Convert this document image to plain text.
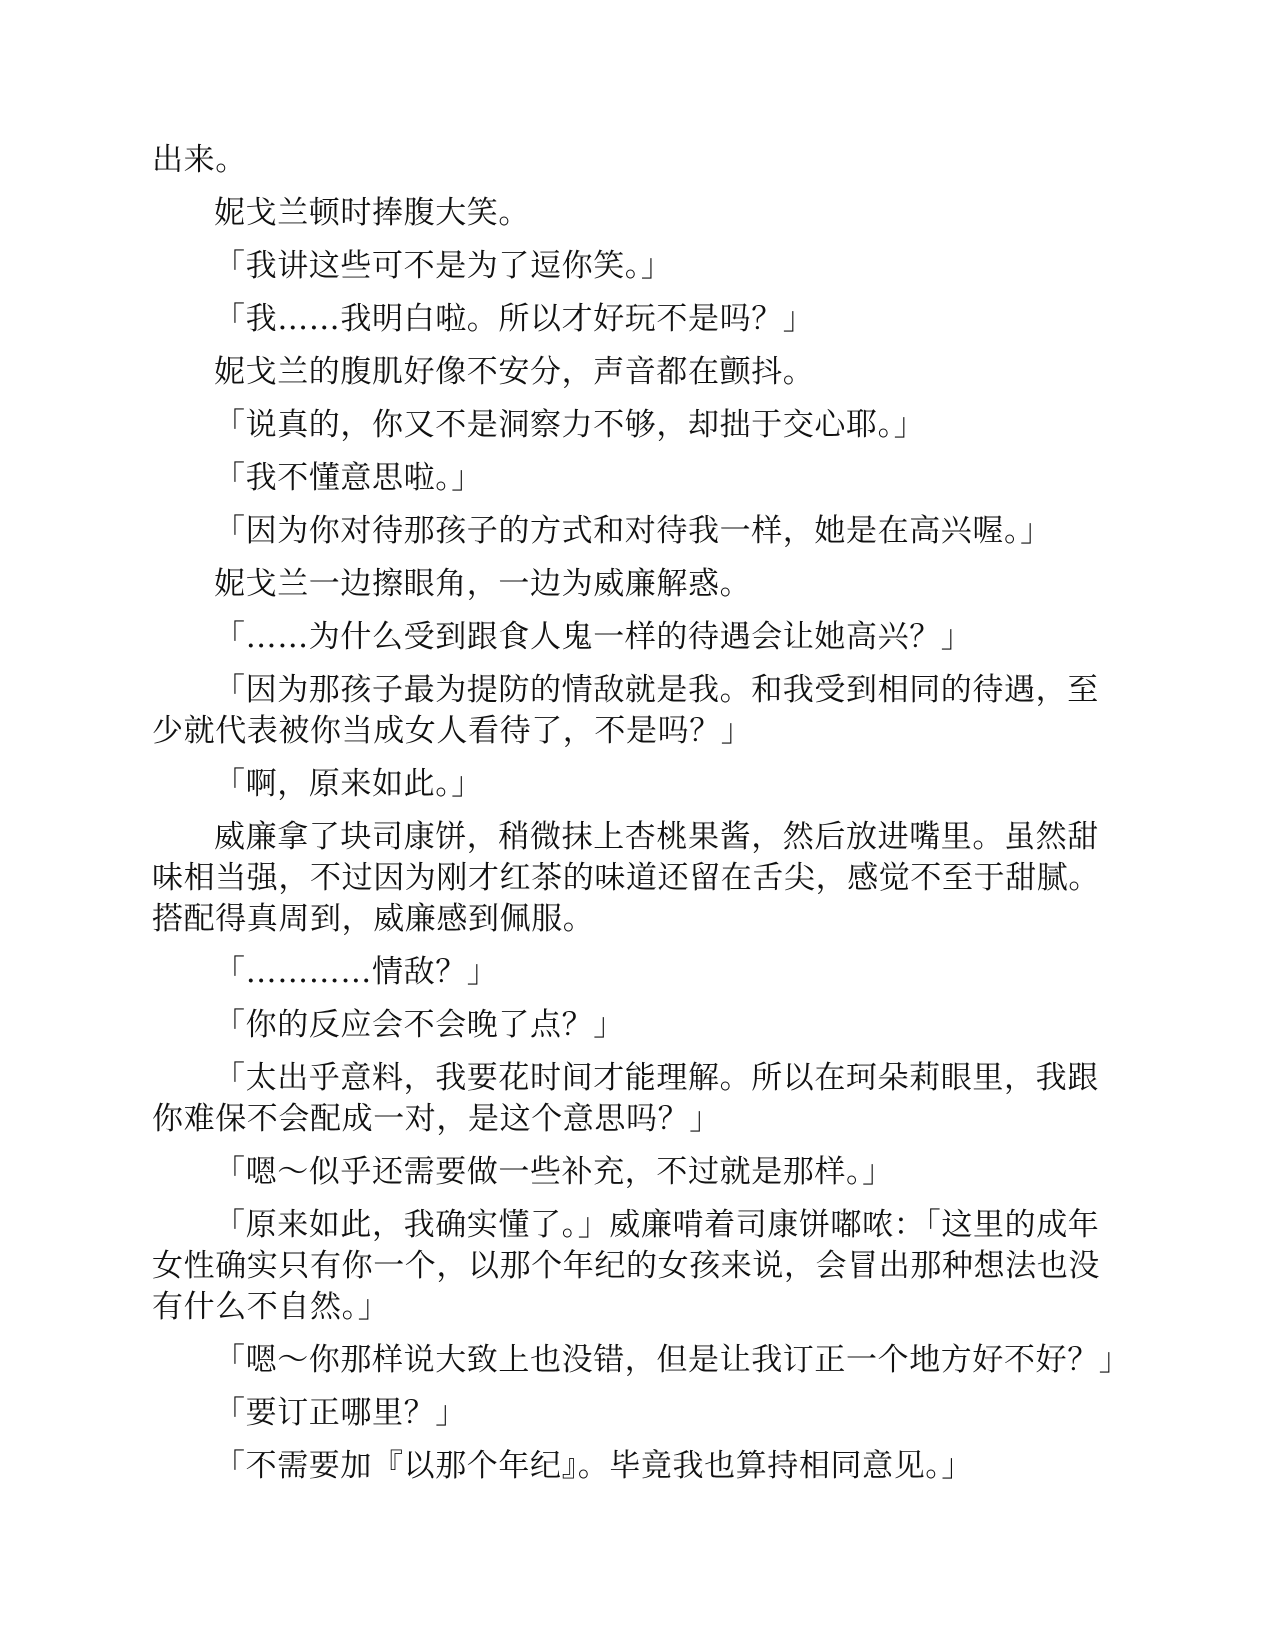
出来。

妮戈兰顿时捧腹大笑。

「我讲这些可不是为了逗你笑。」

「我……我明白啦。所以才好玩不是吗？」

妮戈兰的腹肌好像不安分，声音都在颤抖。

「说真的，你又不是洞察力不够，却拙于交心耶。」

「我不懂意思啦。」

「因为你对待那孩子的方式和对待我一样，她是在高兴喔。」

妮戈兰一边擦眼角，一边为威廉解惑。

「……为什么受到跟食人鬼一样的待遇会让她高兴？」

「因为那孩子最为提防的情敌就是我。和我受到相同的待遇，至少就代表被你当成女人看待了，不是吗？」

「啊，原来如此。」

威廉拿了块司康饼，稍微抹上杏桃果酱，然后放进嘴里。虽然甜味相当强，不过因为刚才红茶的味道还留在舌尖，感觉不至于甜腻。搭配得真周到，威廉感到佩服。

「…………情敌？」

「你的反应会不会晚了点？」

「太出乎意料，我要花时间才能理解。所以在珂朵莉眼里，我跟你难保不会配成一对，是这个意思吗？」

「嗯～似乎还需要做一些补充，不过就是那样。」

「原来如此，我确实懂了。」威廉啃着司康饼嘟哝：「这里的成年女性确实只有你一个，以那个年纪的女孩来说，会冒出那种想法也没有什么不自然。」

「嗯～你那样说大致上也没错，但是让我订正一个地方好不好？」

「要订正哪里？」

「不需要加『以那个年纪』。毕竟我也算持相同意见。」
